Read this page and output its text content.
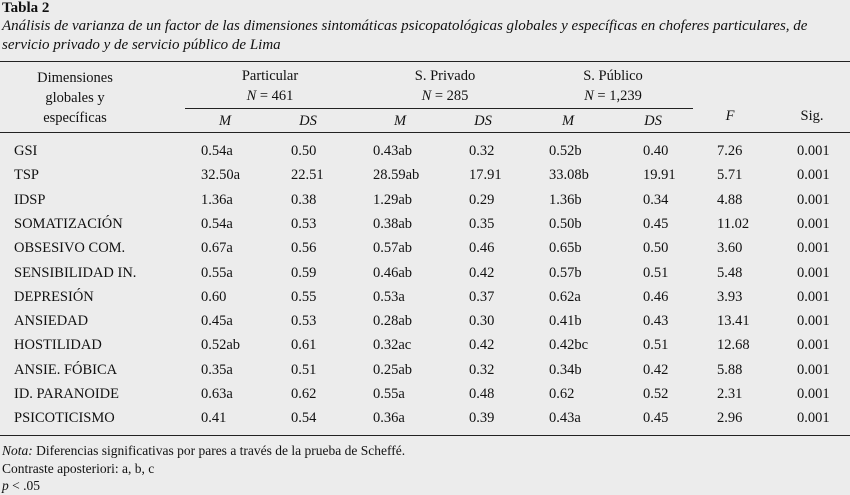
Tabla 2
Análisis de varianza de un factor de las dimensiones sintomáticas psicopatológicas globales y específicas en choferes particulares, de servicio privado y de servicio público de Lima
Dimensiones
globales y
específicas
Particular
N = 461
S. Privado
N = 285
S. Público
N = 1,239
M	DS	M	DS	M	DS	F	Sig.
GSI	0.54a	0.50	0.43ab	0.32	0.52b	0.40	7.26	0.001
TSP	32.50a	22.51	28.59ab	17.91	33.08b	19.91	5.71	0.001
IDSP	1.36a	0.38	1.29ab	0.29	1.36b	0.34	4.88	0.001
SOMATIZACIÓN	0.54a	0.53	0.38ab	0.35	0.50b	0.45	11.02	0.001
OBSESIVO COM.	0.67a	0.56	0.57ab	0.46	0.65b	0.50	3.60	0.001
SENSIBILIDAD IN.	0.55a	0.59	0.46ab	0.42	0.57b	0.51	5.48	0.001
DEPRESIÓN	0.60	0.55	0.53a	0.37	0.62a	0.46	3.93	0.001
ANSIEDAD	0.45a	0.53	0.28ab	0.30	0.41b	0.43	13.41	0.001
HOSTILIDAD	0.52ab	0.61	0.32ac	0.42	0.42bc	0.51	12.68	0.001
ANSIE. FÓBICA	0.35a	0.51	0.25ab	0.32	0.34b	0.42	5.88	0.001
ID. PARANOIDE	0.63a	0.62	0.55a	0.48	0.62	0.52	2.31	0.001
PSICOTICISMO	0.41	0.54	0.36a	0.39	0.43a	0.45	2.96	0.001
Nota: Diferencias significativas por pares a través de la prueba de Scheffé.
Contraste aposteriori: a, b, c
p < .05
